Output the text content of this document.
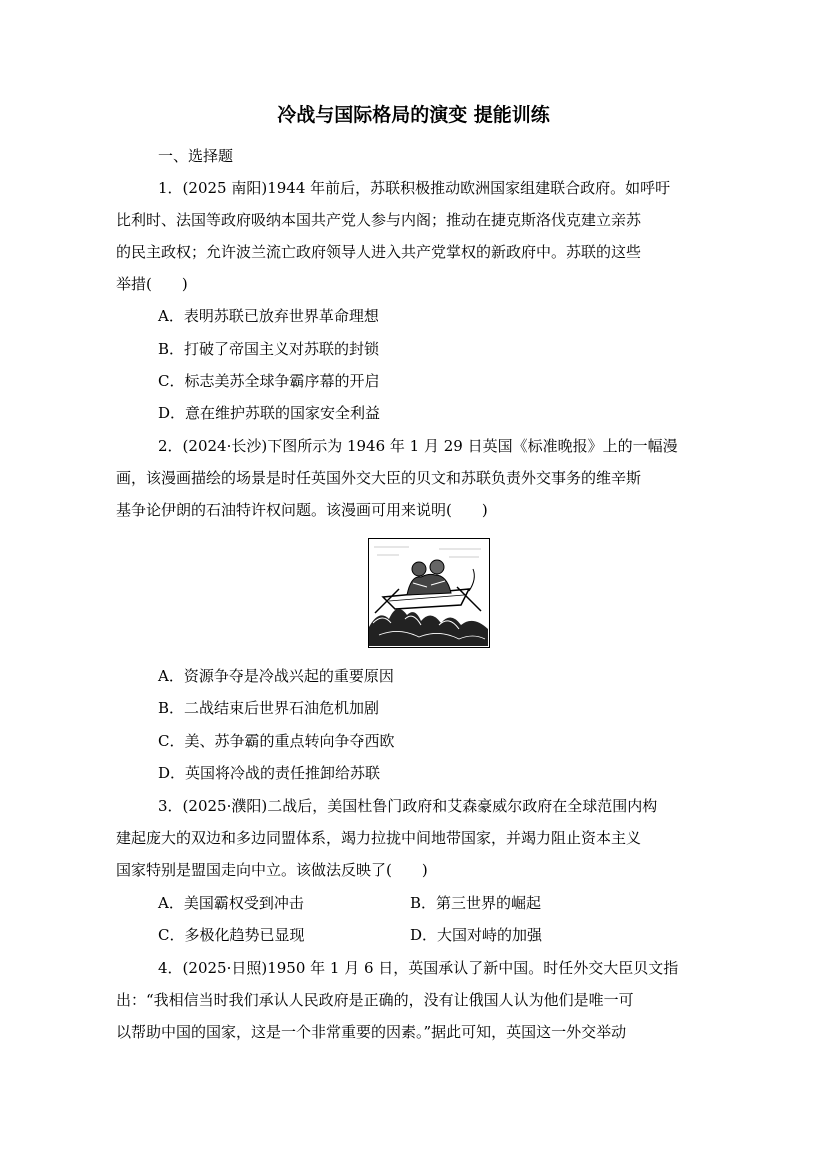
冷战与国际格局的演变 提能训练
一、选择题
1．(2025 南阳)1944 年前后，苏联积极推动欧洲国家组建联合政府。如呼吁
比利时、法国等政府吸纳本国共产党人参与内阁；推动在捷克斯洛伐克建立亲苏
的民主政权；允许波兰流亡政府领导人进入共产党掌权的新政府中。苏联的这些
举措(　　)
A．表明苏联已放弃世界革命理想
B．打破了帝国主义对苏联的封锁
C．标志美苏全球争霸序幕的开启
D．意在维护苏联的国家安全利益
2．(2024·长沙)下图所示为 1946 年 1 月 29 日英国《标准晚报》上的一幅漫
画，该漫画描绘的场景是时任英国外交大臣的贝文和苏联负责外交事务的维辛斯
基争论伊朗的石油特许权问题。该漫画可用来说明(　　)
A．资源争夺是冷战兴起的重要原因
B．二战结束后世界石油危机加剧
C．美、苏争霸的重点转向争夺西欧
D．英国将冷战的责任推卸给苏联
3．(2025·濮阳)二战后，美国杜鲁门政府和艾森豪威尔政府在全球范围内构
建起庞大的双边和多边同盟体系，竭力拉拢中间地带国家，并竭力阻止资本主义
国家特别是盟国走向中立。该做法反映了(　　)
A．美国霸权受到冲击	B．第三世界的崛起
C．多极化趋势已显现	D．大国对峙的加强
4．(2025·日照)1950 年 1 月 6 日，英国承认了新中国。时任外交大臣贝文指
出：“我相信当时我们承认人民政府是正确的，没有让俄国人认为他们是唯一可
以帮助中国的国家，这是一个非常重要的因素。”据此可知，英国这一外交举动
